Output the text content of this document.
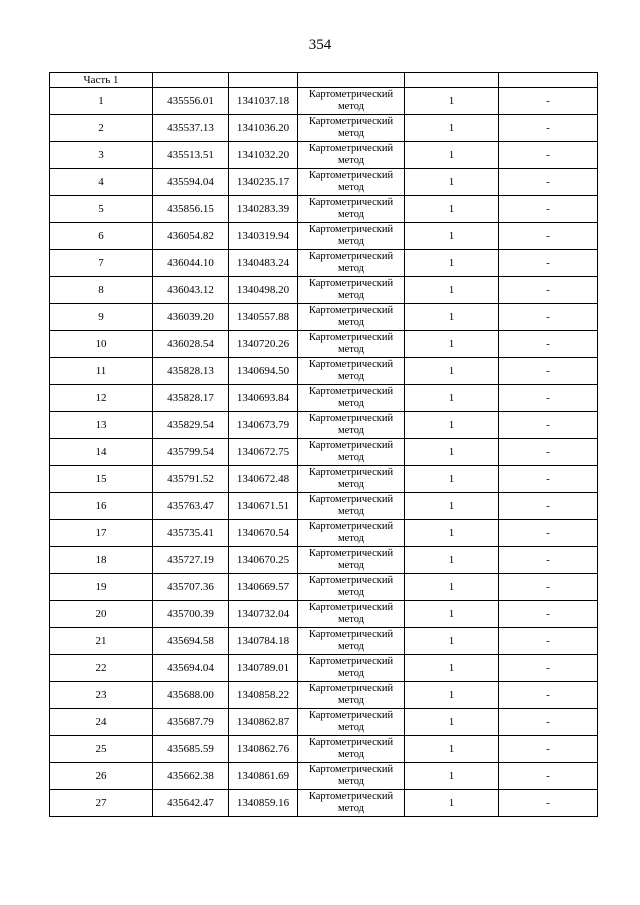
354
Часть 1					
1	435556.01	1341037.18	Картометрический
метод	1	-
2	435537.13	1341036.20	Картометрический
метод	1	-
3	435513.51	1341032.20	Картометрический
метод	1	-
4	435594.04	1340235.17	Картометрический
метод	1	-
5	435856.15	1340283.39	Картометрический
метод	1	-
6	436054.82	1340319.94	Картометрический
метод	1	-
7	436044.10	1340483.24	Картометрический
метод	1	-
8	436043.12	1340498.20	Картометрический
метод	1	-
9	436039.20	1340557.88	Картометрический
метод	1	-
10	436028.54	1340720.26	Картометрический
метод	1	-
11	435828.13	1340694.50	Картометрический
метод	1	-
12	435828.17	1340693.84	Картометрический
метод	1	-
13	435829.54	1340673.79	Картометрический
метод	1	-
14	435799.54	1340672.75	Картометрический
метод	1	-
15	435791.52	1340672.48	Картометрический
метод	1	-
16	435763.47	1340671.51	Картометрический
метод	1	-
17	435735.41	1340670.54	Картометрический
метод	1	-
18	435727.19	1340670.25	Картометрический
метод	1	-
19	435707.36	1340669.57	Картометрический
метод	1	-
20	435700.39	1340732.04	Картометрический
метод	1	-
21	435694.58	1340784.18	Картометрический
метод	1	-
22	435694.04	1340789.01	Картометрический
метод	1	-
23	435688.00	1340858.22	Картометрический
метод	1	-
24	435687.79	1340862.87	Картометрический
метод	1	-
25	435685.59	1340862.76	Картометрический
метод	1	-
26	435662.38	1340861.69	Картометрический
метод	1	-
27	435642.47	1340859.16	Картометрический
метод	1	-
